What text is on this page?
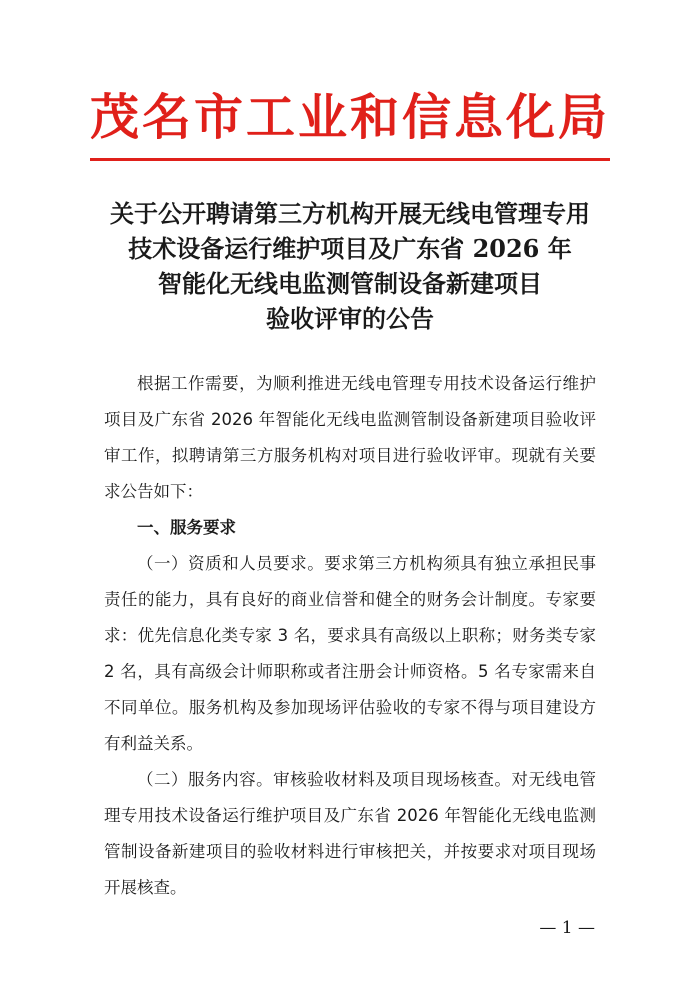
茂名市工业和信息化局
关于公开聘请第三方机构开展无线电管理专用
技术设备运行维护项目及广东省 2026 年
智能化无线电监测管制设备新建项目
验收评审的公告

根据工作需要，为顺利推进无线电管理专用技术设备运行维护项目及广东省 2026 年智能化无线电监测管制设备新建项目验收评审工作，拟聘请第三方服务机构对项目进行验收评审。现就有关要求公告如下：

一、服务要求

（一）资质和人员要求。要求第三方机构须具有独立承担民事责任的能力，具有良好的商业信誉和健全的财务会计制度。专家要求：优先信息化类专家 3 名，要求具有高级以上职称；财务类专家 2 名，具有高级会计师职称或者注册会计师资格。5 名专家需来自不同单位。服务机构及参加现场评估验收的专家不得与项目建设方有利益关系。

（二）服务内容。审核验收材料及项目现场核查。对无线电管理专用技术设备运行维护项目及广东省 2026 年智能化无线电监测管制设备新建项目的验收材料进行审核把关，并按要求对项目现场开展核查。

— 1 —
